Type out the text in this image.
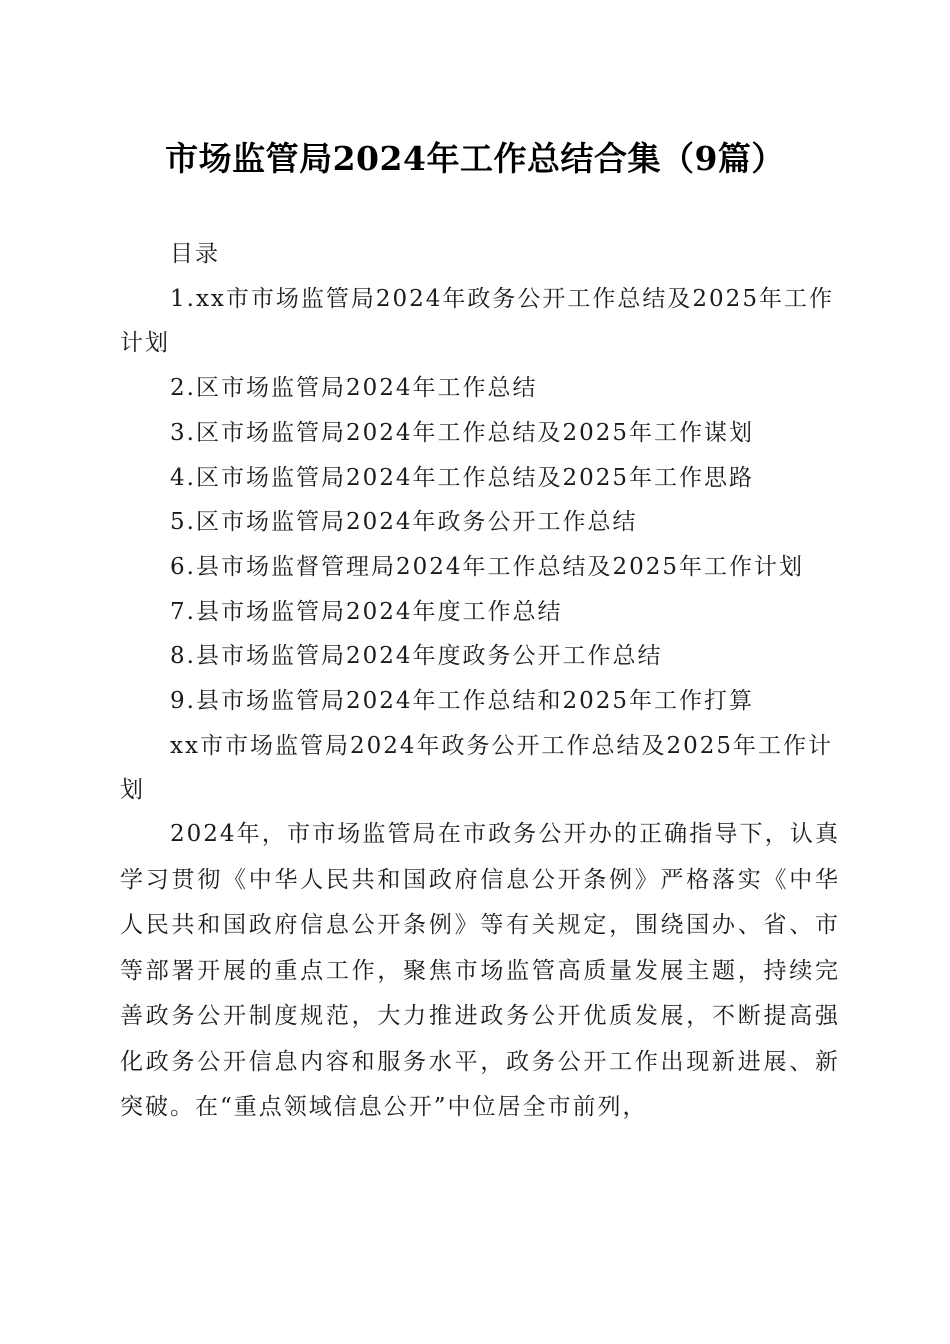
市场监管局2024年工作总结合集（9篇）

目录

1.xx市市场监管局2024年政务公开工作总结及2025年工作计划

2.区市场监管局2024年工作总结

3.区市场监管局2024年工作总结及2025年工作谋划

4.区市场监管局2024年工作总结及2025年工作思路

5.区市场监管局2024年政务公开工作总结

6.县市场监督管理局2024年工作总结及2025年工作计划

7.县市场监管局2024年度工作总结

8.县市场监管局2024年度政务公开工作总结

9.县市场监管局2024年工作总结和2025年工作打算

xx市市场监管局2024年政务公开工作总结及2025年工作计划

2024年，市市场监管局在市政务公开办的正确指导下，认真学习贯彻《中华人民共和国政府信息公开条例》严格落实《中华人民共和国政府信息公开条例》等有关规定，围绕国办、省、市等部署开展的重点工作，聚焦市场监管高质量发展主题，持续完善政务公开制度规范，大力推进政务公开优质发展，不断提高强化政务公开信息内容和服务水平，政务公开工作出现新进展、新突破。在“重点领域信息公开”中位居全市前列，
